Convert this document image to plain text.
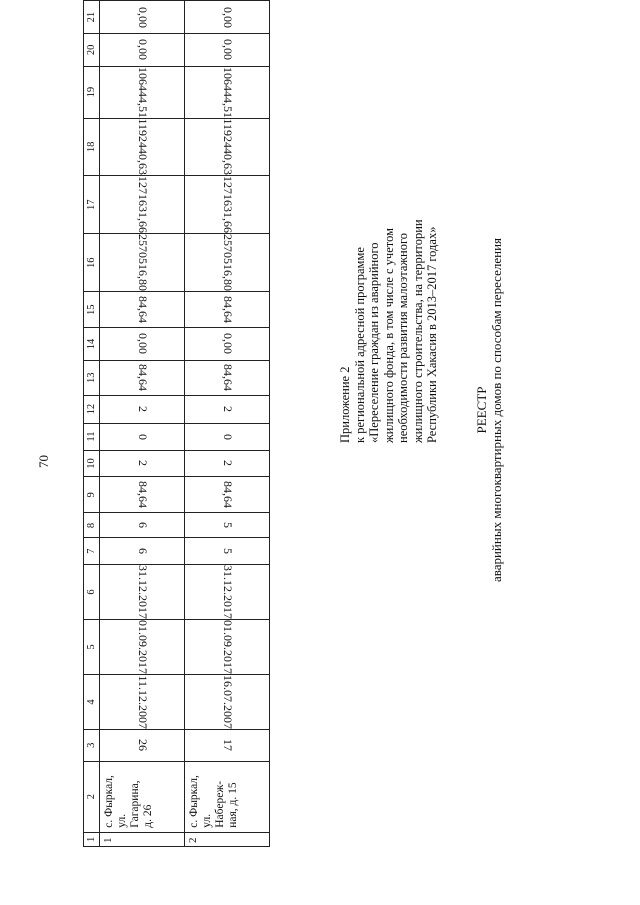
70
1	2	3	4	5	6	7	8	9	10	11	12	13	14	15	16	17	18	19	20	21
1	с. Фыркал, ул. Гагарина, д. 26	26	11.12.2007	01.09.2017	31.12.2017	6	6	84,64	2	0	2	84,64	0,00	84,64	2570516,80	1271631,66	1192440,63	106444,51	0,00	0,00
2	с. Фыркал, ул. Набереж- ная, д. 15	17	16.07.2007	01.09.2017	31.12.2017	5	5	84,64	2	0	2	84,64	0,00	84,64	2570516,80	1271631,66	1192440,63	106444,51	0,00	0,00
Приложение 2 к региональной адресной программе «Переселение граждан из аварийного жилищного фонда, в том числе с учетом необходимости развития малоэтажного жилищного строительства, на территории Республики Хакасия в 2013–2017 годах»	РЕЕСТР аварийных многоквартирных домов по способам переселения
